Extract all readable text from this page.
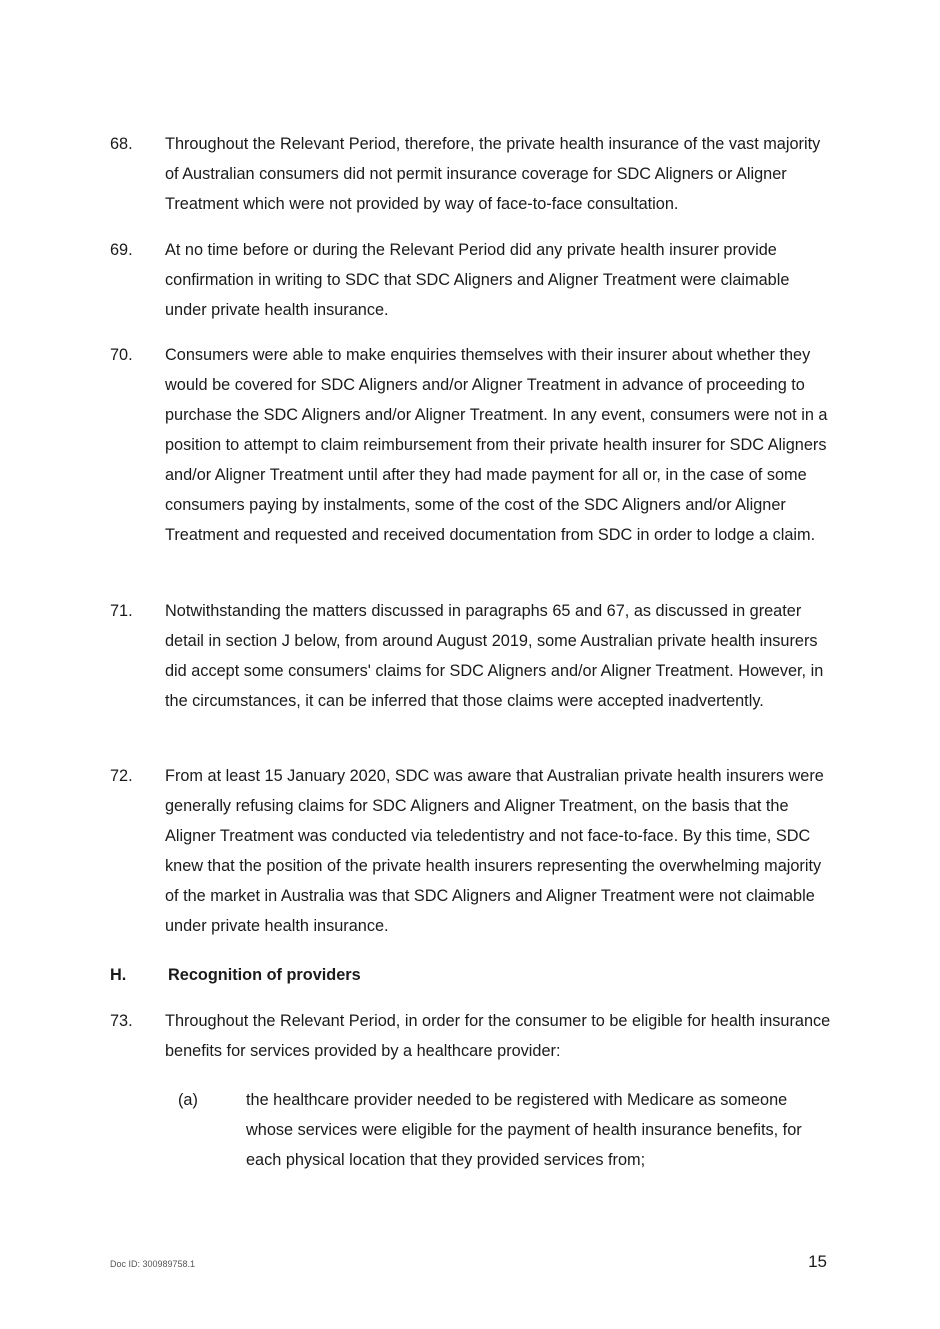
68.	Throughout the Relevant Period, therefore, the private health insurance of the vast majority of Australian consumers did not permit insurance coverage for SDC Aligners or Aligner Treatment which were not provided by way of face-to-face consultation.
69.	At no time before or during the Relevant Period did any private health insurer provide confirmation in writing to SDC that SDC Aligners and Aligner Treatment were claimable under private health insurance.
70.	Consumers were able to make enquiries themselves with their insurer about whether they would be covered for SDC Aligners and/or Aligner Treatment in advance of proceeding to purchase the SDC Aligners and/or Aligner Treatment. In any event, consumers were not in a position to attempt to claim reimbursement from their private health insurer for SDC Aligners and/or Aligner Treatment until after they had made payment for all or, in the case of some consumers paying by instalments, some of the cost of the SDC Aligners and/or Aligner Treatment and requested and received documentation from SDC in order to lodge a claim.
71.	Notwithstanding the matters discussed in paragraphs 65 and 67, as discussed in greater detail in section J below, from around August 2019, some Australian private health insurers did accept some consumers' claims for SDC Aligners and/or Aligner Treatment. However, in the circumstances, it can be inferred that those claims were accepted inadvertently.
72.	From at least 15 January 2020, SDC was aware that Australian private health insurers were generally refusing claims for SDC Aligners and Aligner Treatment, on the basis that the Aligner Treatment was conducted via teledentistry and not face-to-face. By this time, SDC knew that the position of the private health insurers representing the overwhelming majority of the market in Australia was that SDC Aligners and Aligner Treatment were not claimable under private health insurance.
H.	Recognition of providers
73.	Throughout the Relevant Period, in order for the consumer to be eligible for health insurance benefits for services provided by a healthcare provider:
(a)	the healthcare provider needed to be registered with Medicare as someone whose services were eligible for the payment of health insurance benefits, for each physical location that they provided services from;
Doc ID: 300989758.1	15
